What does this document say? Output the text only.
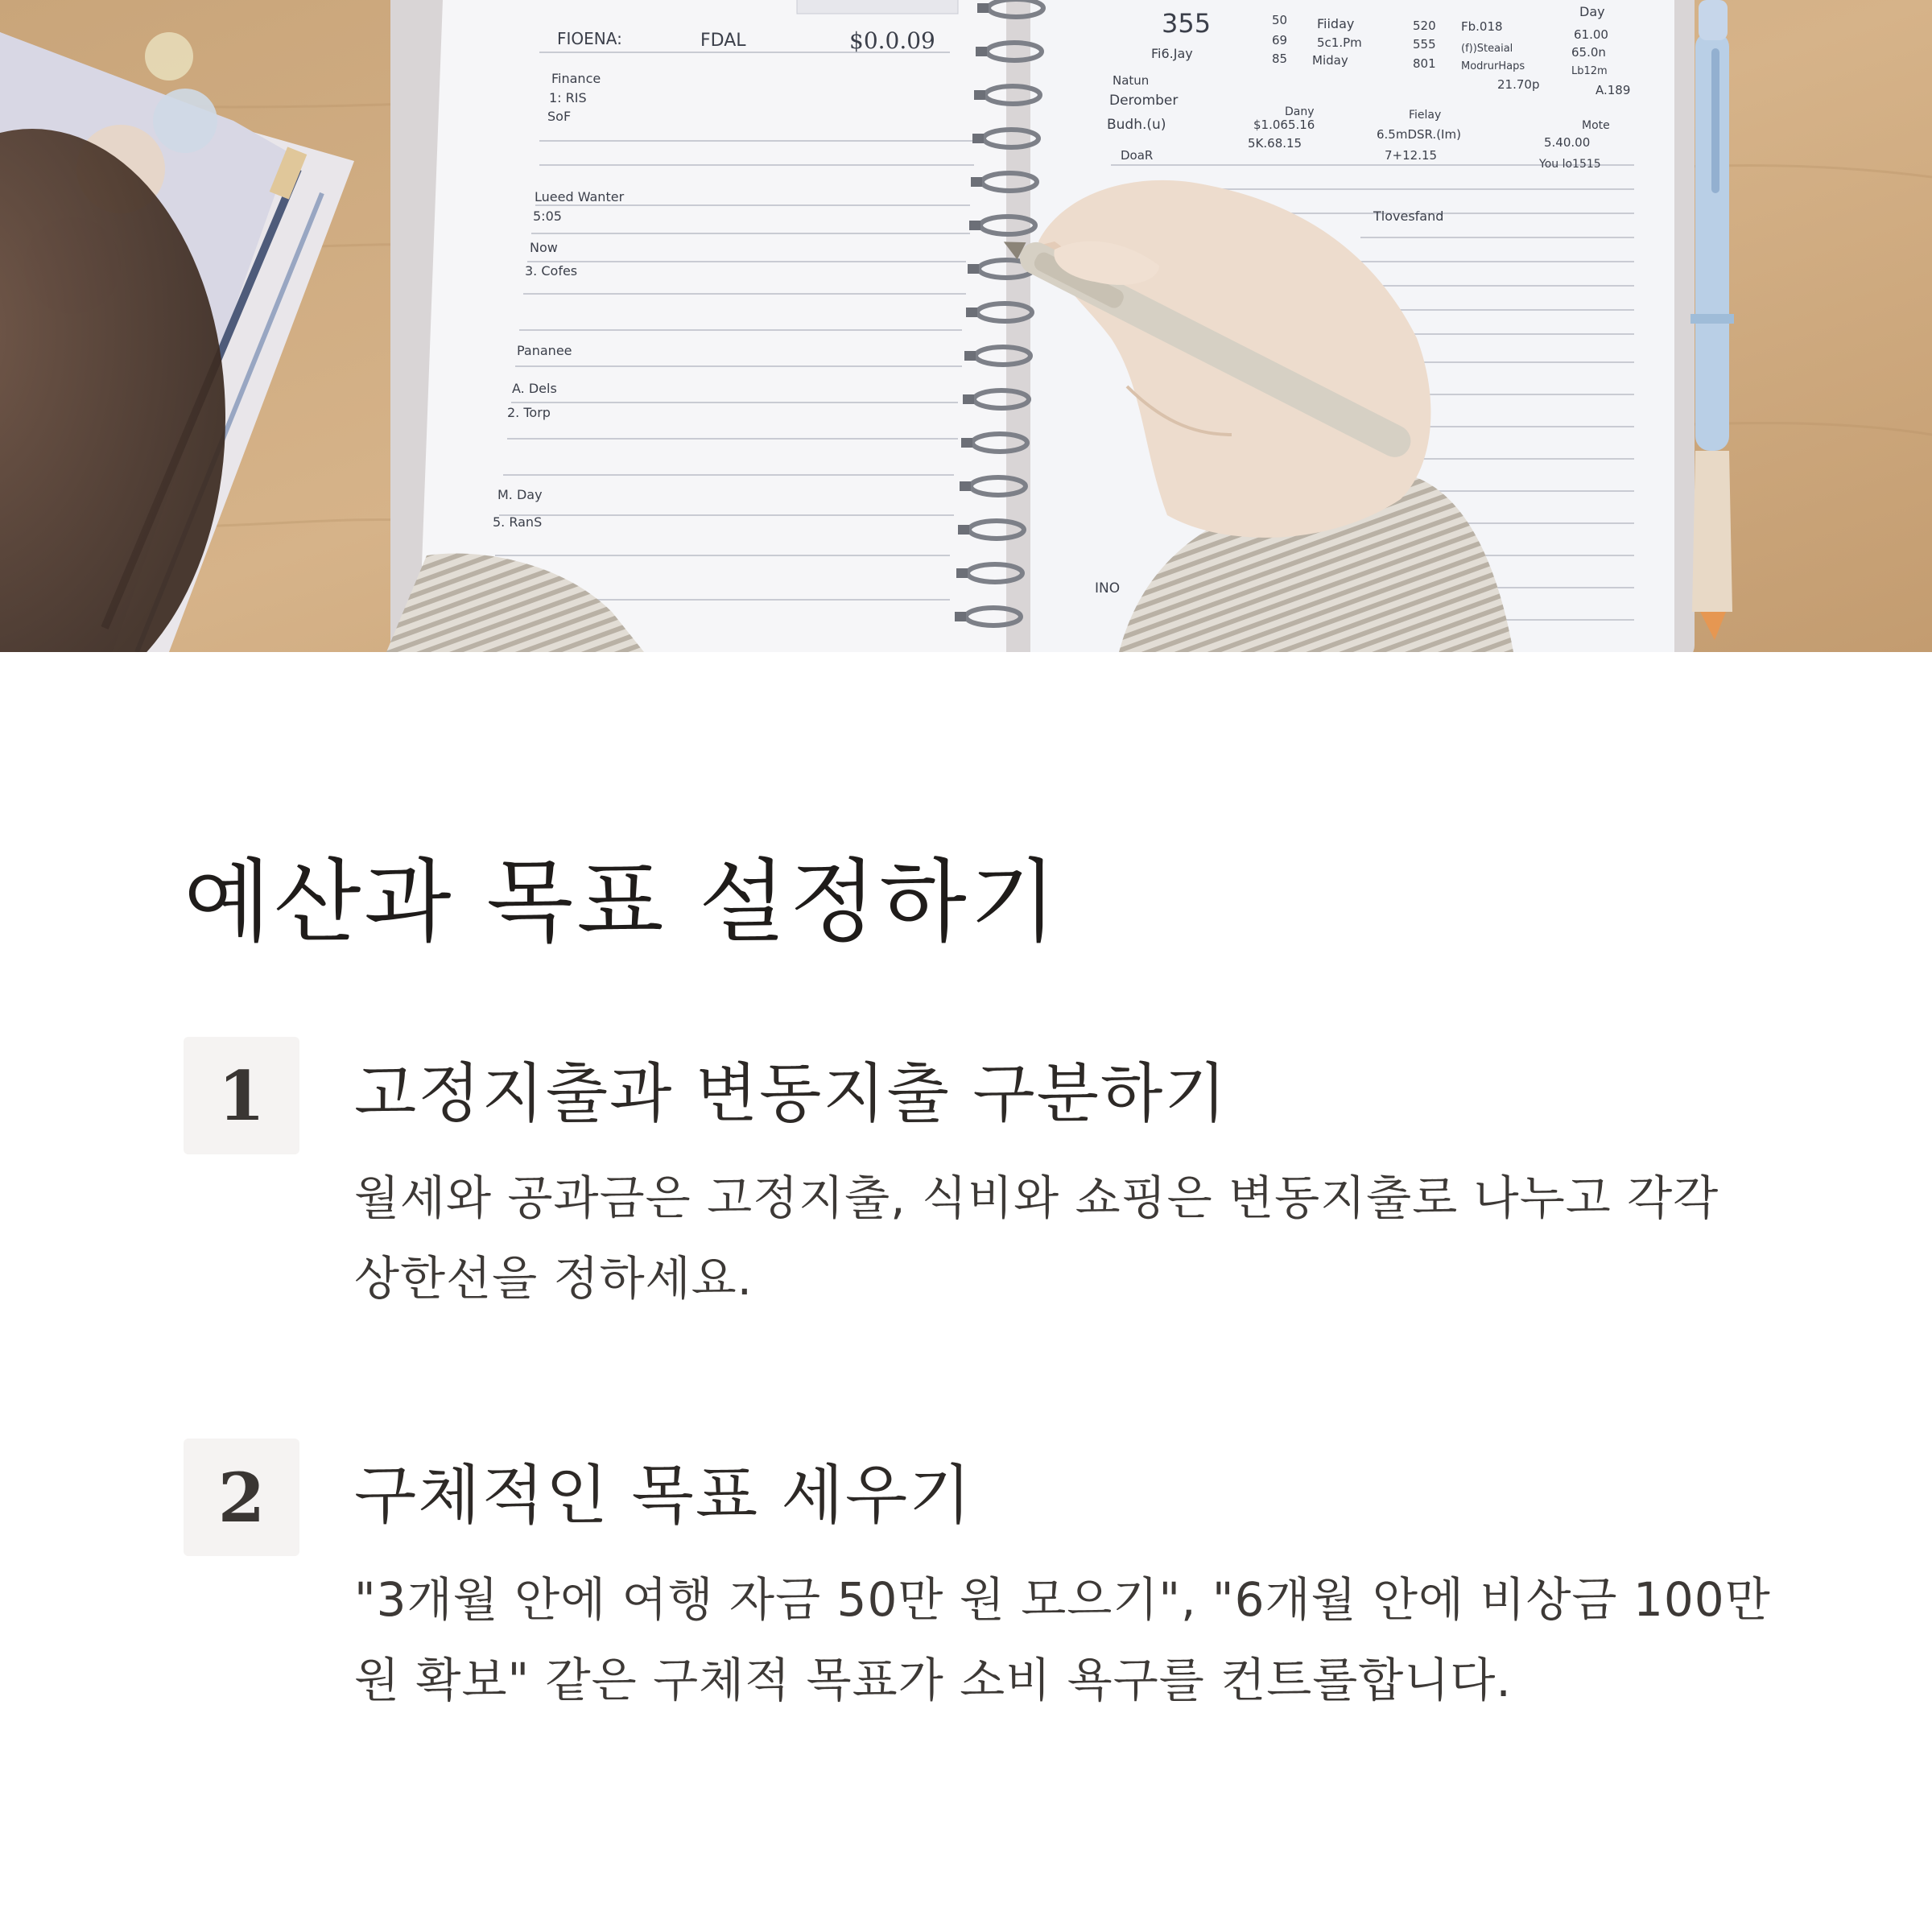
FIOENA:	FDAL	$0.0.09
Finance
1: RIS
SoF
Lueed Wanter
5:05
Now
3. Cofes
Pananee
A. Dels
2. Torp
M. Day
5. RanS
355
Fi6.Jay
50 Fiiday
69 5c1.Pm
85 Miday
520 Fb.018
555 (f))Steaial
801 ModrurHaps
21.70p
Day
61.00
65.0n
Lb12m
A.189
Natun
Deromber
Budh.(u)
Dany
$1.065.16
5K.68.15
Fielay
6.5mDSR.(Im)
7+12.15
Mote
5.40.00
You lo1515
DoaR
Tlovesfand
INO
예산과 목표 설정하기
1	고정지출과 변동지출 구분하기

월세와 공과금은 고정지출, 식비와 쇼핑은 변동지출로 나누고 각각 상한선을 정하세요.

2	구체적인 목표 세우기

"3개월 안에 여행 자금 50만 원 모으기", "6개월 안에 비상금 100만 원 확보" 같은 구체적 목표가 소비 욕구를 컨트롤합니다.
